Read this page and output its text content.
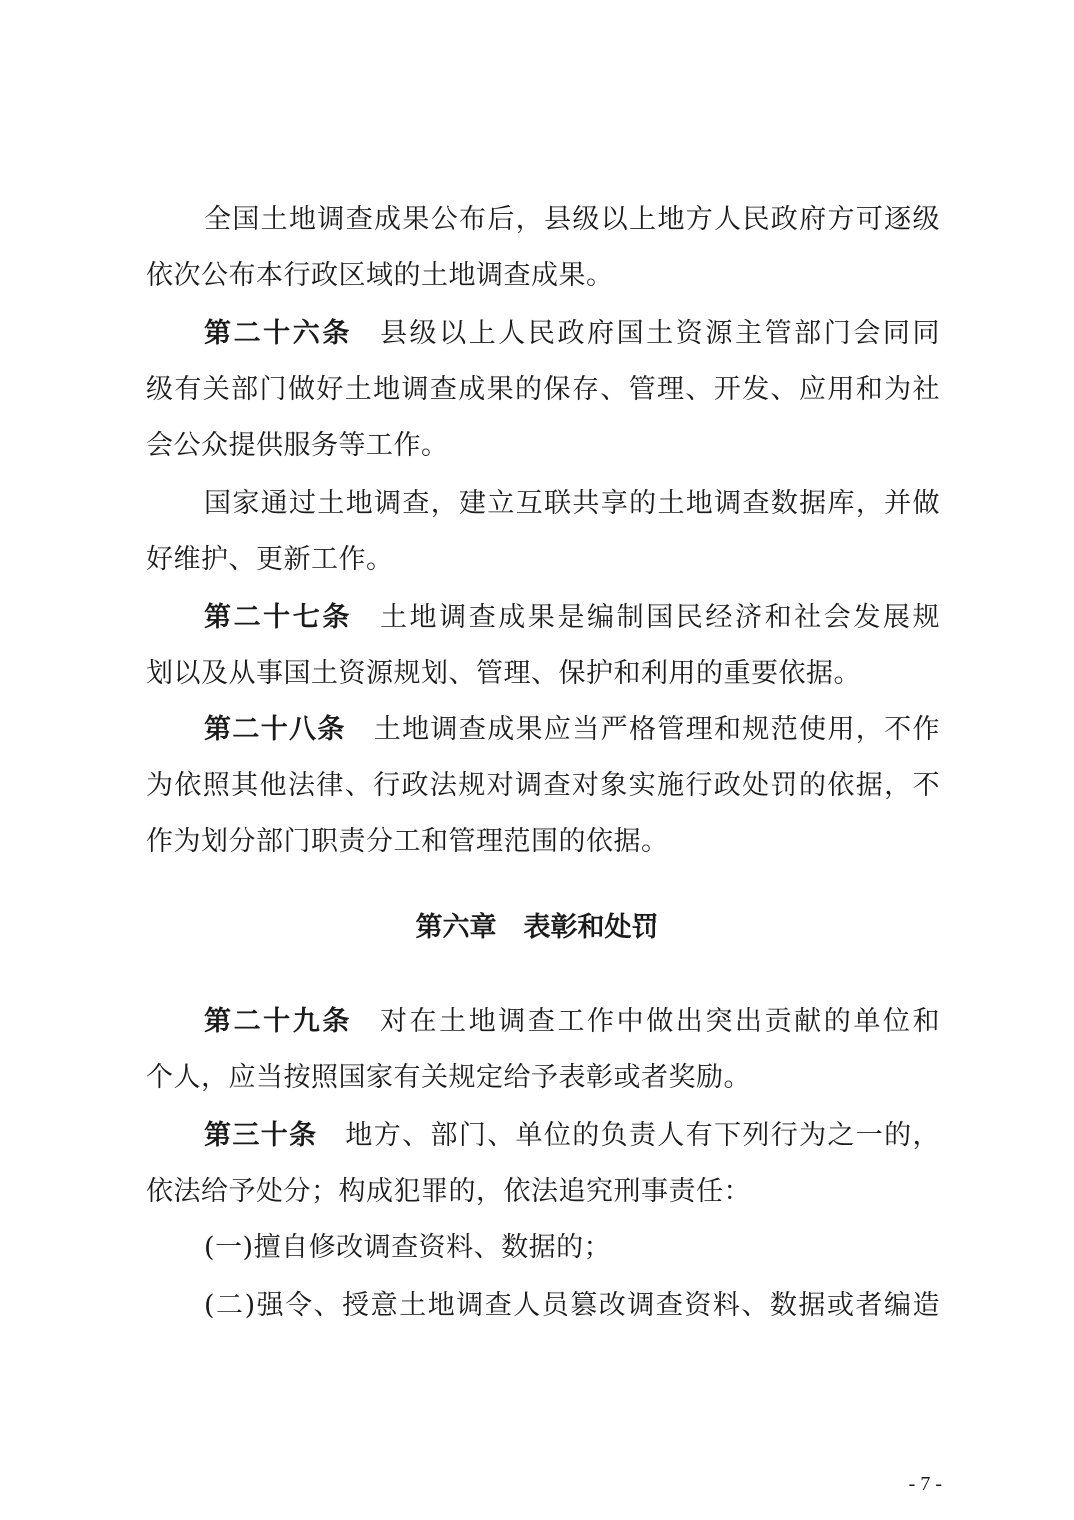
全国土地调查成果公布后，县级以上地方人民政府方可逐级
依次公布本行政区域的土地调查成果。
第二十六条 县级以上人民政府国土资源主管部门会同同
级有关部门做好土地调查成果的保存、管理、开发、应用和为社
会公众提供服务等工作。
国家通过土地调查，建立互联共享的土地调查数据库，并做
好维护、更新工作。
第二十七条 土地调查成果是编制国民经济和社会发展规
划以及从事国土资源规划、管理、保护和利用的重要依据。
第二十八条 土地调查成果应当严格管理和规范使用，不作
为依照其他法律、行政法规对调查对象实施行政处罚的依据，不
作为划分部门职责分工和管理范围的依据。
第六章　表彰和处罚
第二十九条 对在土地调查工作中做出突出贡献的单位和
个人，应当按照国家有关规定给予表彰或者奖励。
第三十条 地方、部门、单位的负责人有下列行为之一的，
依法给予处分；构成犯罪的，依法追究刑事责任：
(一)擅自修改调查资料、数据的；
(二)强令、授意土地调查人员篡改调查资料、数据或者编造
- 7 -
